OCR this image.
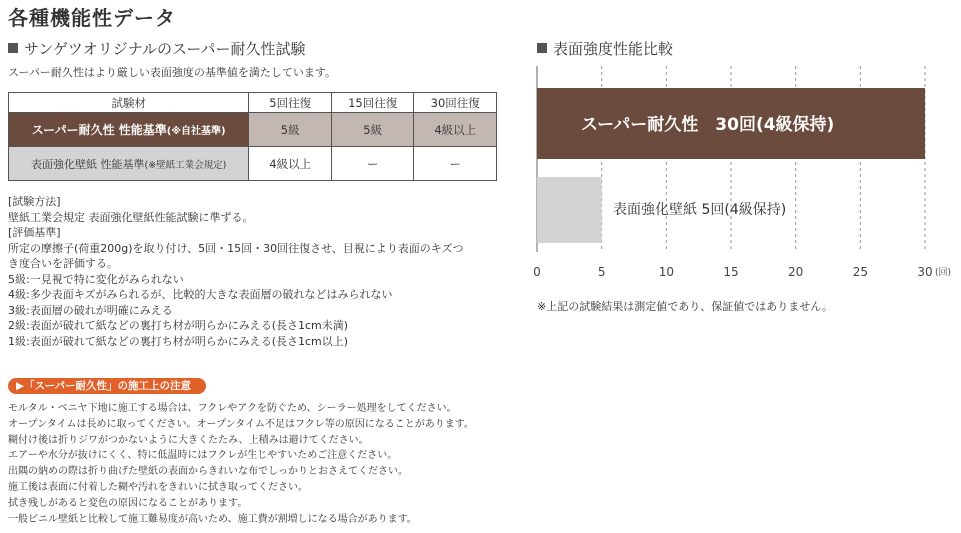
各種機能性データ
サンゲツオリジナルのスーパー耐久性試験
スーパー耐久性はより厳しい表面強度の基準値を満たしています。
試験材	5回往復	15回往復	30回往復
スーパー耐久性 性能基準(※自社基準)	5級	5級	4級以上
表面強化壁紙 性能基準(※壁紙工業会規定)	4級以上	ー	ー
[試験方法]
壁紙工業会規定 表面強化壁紙性能試験に準ずる。
[評価基準]
所定の摩擦子(荷重200g)を取り付け、5回・15回・30回往復させ、目視により表面のキズつ
き度合いを評価する。
5級:一見視で特に変化がみられない
4級:多少表面キズがみられるが、比較的大きな表面層の破れなどはみられない
3級:表面層の破れが明確にみえる
2級:表面が破れて紙などの裏打ち材が明らかにみえる(長さ1cm未満)
1級:表面が破れて紙などの裏打ち材が明らかにみえる(長さ1cm以上)
▶「スーパー耐久性」の施工上の注意
モルタル・ベニヤ下地に施工する場合は、フクレやアクを防ぐため、シーラー処理をしてください。
オープンタイムは長めに取ってください。オープンタイム不足はフクレ等の原因になることがあります。
糊付け後は折りジワがつかないように大きくたたみ、上積みは避けてください。
エアーや水分が抜けにくく、特に低温時にはフクレが生じやすいためご注意ください。
出隅の納めの際は折り曲げた壁紙の表面からきれいな布でしっかりとおさえてください。
施工後は表面に付着した糊や汚れをきれいに拭き取ってください。
拭き残しがあると変色の原因になることがあります。
一般ビニル壁紙と比較して施工難易度が高いため、施工費が割増しになる場合があります。
表面強度性能比較
スーパー耐久性　30回(4級保持)
表面強化壁紙 5回(4級保持)
0	5	10	15	20	25	30 (回)
※上記の試験結果は測定値であり、保証値ではありません。
